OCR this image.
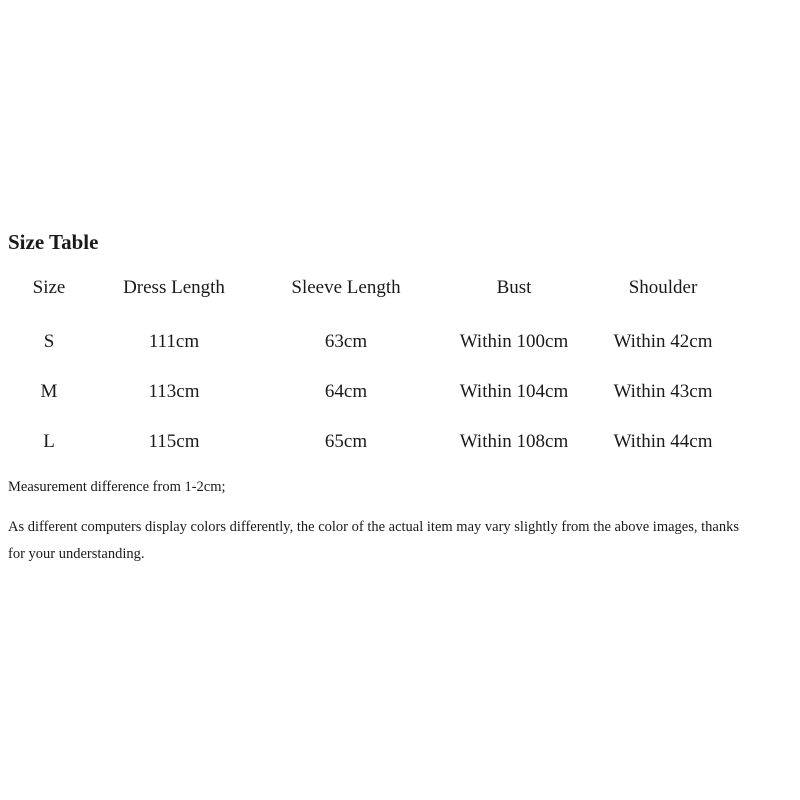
Size Table
Size	Dress Length	Sleeve Length	Bust	Shoulder
S	111cm	63cm	Within 100cm Within 42cm
M	113cm	64cm	Within 104cm Within 43cm
L	115cm	65cm	Within 108cm Within 44cm
Measurement difference from 1-2cm;
As different computers display colors differently, the color of the actual item may vary slightly from the above images, thanks for your understanding.
